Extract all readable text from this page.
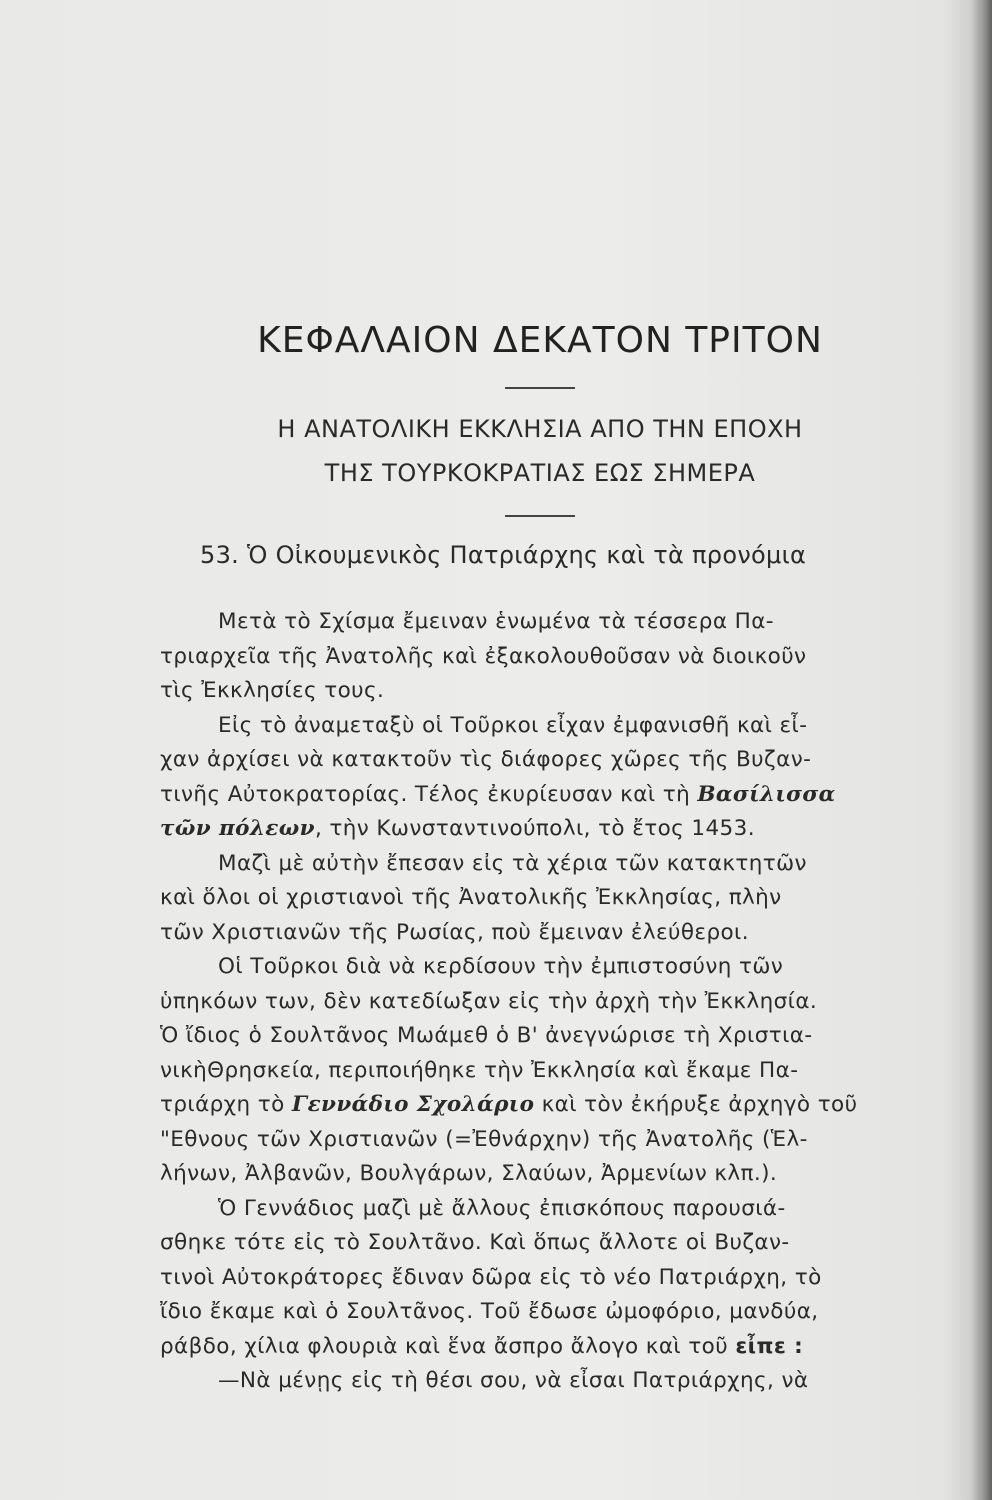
ΚΕΦΑΛΑΙΟΝ ΔΕΚΑΤΟΝ ΤΡΙΤΟΝ
Η ΑΝΑΤΟΛΙΚΗ ΕΚΚΛΗΣΙΑ ΑΠΟ ΤΗΝ ΕΠΟΧΗ
ΤΗΣ ΤΟΥΡΚΟΚΡΑΤΙΑΣ ΕΩΣ ΣΗΜΕΡΑ
53. Ὁ Οἰκουμενικὸς Πατριάρχης καὶ τὰ προνόμια
Μετὰ τὸ Σχίσμα ἔμειναν ἑνωμένα τὰ τέσσερα Πα-
τριαρχεῖα τῆς Ἀνατολῆς καὶ ἐξακολουθοῦσαν νὰ διοικοῦν
τὶς Ἐκκλησίες τους.
Εἰς τὸ ἀναμεταξὺ οἱ Τοῦρκοι εἶχαν ἐμφανισθῆ καὶ εἶ-
χαν ἀρχίσει νὰ κατακτοῦν τὶς διάφορες χῶρες τῆς Βυζαν-
τινῆς Αὐτοκρατορίας. Τέλος ἐκυρίευσαν καὶ τὴ Βασίλισσα
τῶν πόλεων, τὴν Κωνσταντινούπολι, τὸ ἔτος 1453.
Μαζὶ μὲ αὐτὴν ἔπεσαν εἰς τὰ χέρια τῶν κατακτητῶν
καὶ ὅλοι οἱ χριστιανοὶ τῆς Ἀνατολικῆς Ἐκκλησίας, πλὴν
τῶν Χριστιανῶν τῆς Ρωσίας, ποὺ ἔμειναν ἐλεύθεροι.
Οἱ Τοῦρκοι διὰ νὰ κερδίσουν τὴν ἐμπιστοσύνη τῶν
ὑπηκόων των, δὲν κατεδίωξαν εἰς τὴν ἀρχὴ τὴν Ἐκκλησία.
Ὁ ἴδιος ὁ Σουλτᾶνος Μωάμεθ ὁ Β' ἀνεγνώρισε τὴ Χριστια-
νικὴΘρησκεία, περιποιήθηκε τὴν Ἐκκλησία καὶ ἔκαμε Πα-
τριάρχη τὸ Γεννάδιο Σχολάριο καὶ τὸν ἐκήρυξε ἀρχηγὸ τοῦ
"Εθνους τῶν Χριστιανῶν (=Ἐθνάρχην) τῆς Ἀνατολῆς (Ἑλ-
λήνων, Ἀλβανῶν, Βουλγάρων, Σλαύων, Ἀρμενίων κλπ.).
Ὁ Γεννάδιος μαζὶ μὲ ἄλλους ἐπισκόπους παρουσιά-
σθηκε τότε εἰς τὸ Σουλτᾶνο. Καὶ ὅπως ἄλλοτε οἱ Βυζαν-
τινοὶ Αὐτοκράτορες ἔδιναν δῶρα εἰς τὸ νέο Πατριάρχη, τὸ
ἴδιο ἔκαμε καὶ ὁ Σουλτᾶνος. Τοῦ ἔδωσε ὠμοφόριο, μανδύα,
ράβδο, χίλια φλουριὰ καὶ ἕνα ἄσπρο ἄλογο καὶ τοῦ εἶπε :
—Νὰ μένῃς εἰς τὴ θέσι σου, νὰ εἶσαι Πατριάρχης, νὰ
